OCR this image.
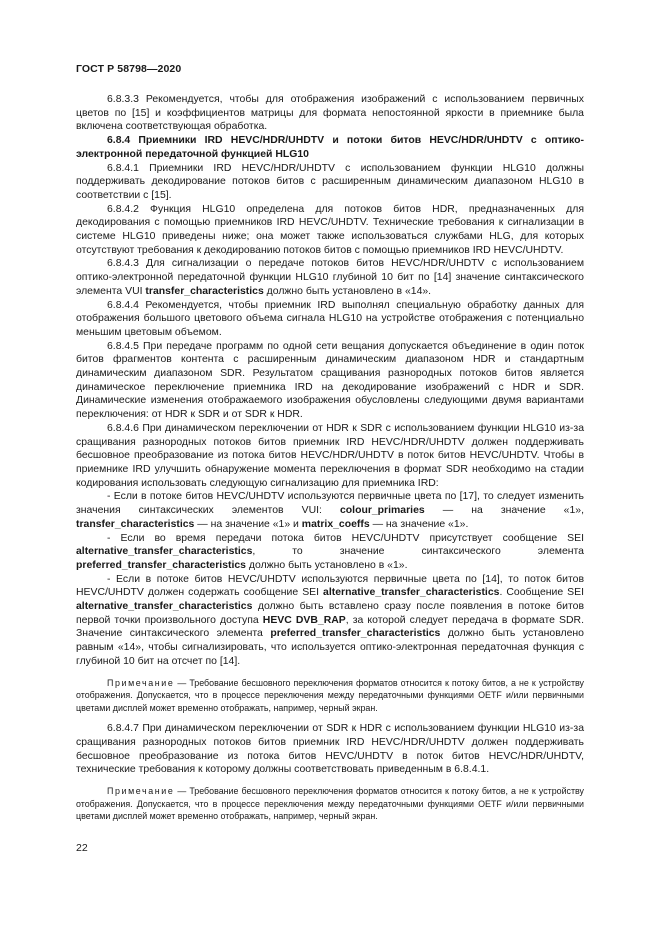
ГОСТ Р 58798—2020

6.8.3.3 Рекомендуется, чтобы для отображения изображений с использованием первичных цветов по [15] и коэффициентов матрицы для формата непостоянной яркости в приемнике была включена соответствующая обработка.

6.8.4 Приемники IRD HEVC/HDR/UHDTV и потоки битов HEVC/HDR/UHDTV с оптико-электронной передаточной функцией HLG10

6.8.4.1 Приемники IRD HEVC/HDR/UHDTV с использованием функции HLG10 должны поддерживать декодирование потоков битов с расширенным динамическим диапазоном HLG10 в соответствии с [15].

6.8.4.2 Функция HLG10 определена для потоков битов HDR, предназначенных для декодирования с помощью приемников IRD HEVC/UHDTV. Технические требования к сигнализации в системе HLG10 приведены ниже; она может также использоваться службами HLG, для которых отсутствуют требования к декодированию потоков битов с помощью приемников IRD HEVC/UHDTV.

6.8.4.3 Для сигнализации о передаче потоков битов HEVC/HDR/UHDTV с использованием оптико-электронной передаточной функции HLG10 глубиной 10 бит по [14] значение синтаксического элемента VUI transfer_characteristics должно быть установлено в «14».

6.8.4.4 Рекомендуется, чтобы приемник IRD выполнял специальную обработку данных для отображения большого цветового объема сигнала HLG10 на устройстве отображения с потенциально меньшим цветовым объемом.

6.8.4.5 При передаче программ по одной сети вещания допускается объединение в один поток битов фрагментов контента с расширенным динамическим диапазоном HDR и стандартным динамическим диапазоном SDR. Результатом сращивания разнородных потоков битов является динамическое переключение приемника IRD на декодирование изображений с HDR и SDR. Динамические изменения отображаемого изображения обусловлены следующими двумя вариантами переключения: от HDR к SDR и от SDR к HDR.

6.8.4.6 При динамическом переключении от HDR к SDR с использованием функции HLG10 из-за сращивания разнородных потоков битов приемник IRD HEVC/HDR/UHDTV должен поддерживать бесшовное преобразование из потока битов HEVC/HDR/UHDTV в поток битов HEVC/UHDTV. Чтобы в приемнике IRD улучшить обнаружение момента переключения в формат SDR необходимо на стадии кодирования использовать следующую сигнализацию для приемника IRD:

- Если в потоке битов HEVC/UHDTV используются первичные цвета по [17], то следует изменить значения синтаксических элементов VUI: colour_primaries — на значение «1», transfer_characteristics — на значение «1» и matrix_coeffs — на значение «1».

- Если во время передачи потока битов HEVC/UHDTV присутствует сообщение SEI alternative_transfer_characteristics, то значение синтаксического элемента preferred_transfer_characteristics должно быть установлено в «1».

- Если в потоке битов HEVC/UHDTV используются первичные цвета по [14], то поток битов HEVC/UHDTV должен содержать сообщение SEI alternative_transfer_characteristics. Сообщение SEI alternative_transfer_characteristics должно быть вставлено сразу после появления в потоке битов первой точки произвольного доступа HEVC DVB_RAP, за которой следует передача в формате SDR. Значение синтаксического элемента preferred_transfer_characteristics должно быть установлено равным «14», чтобы сигнализировать, что используется оптико-электронная передаточная функция с глубиной 10 бит на отсчет по [14].

Примечание — Требование бесшовного переключения форматов относится к потоку битов, а не к устройству отображения. Допускается, что в процессе переключения между передаточными функциями OETF и/или первичными цветами дисплей может временно отображать, например, черный экран.

6.8.4.7 При динамическом переключении от SDR к HDR с использованием функции HLG10 из-за сращивания разнородных потоков битов приемник IRD HEVC/HDR/UHDTV должен поддерживать бесшовное преобразование из потока битов HEVC/UHDTV в поток битов HEVC/HDR/UHDTV, технические требования к которому должны соответствовать приведенным в 6.8.4.1.

Примечание — Требование бесшовного переключения форматов относится к потоку битов, а не к устройству отображения. Допускается, что в процессе переключения между передаточными функциями OETF и/или первичными цветами дисплей может временно отображать, например, черный экран.

22
